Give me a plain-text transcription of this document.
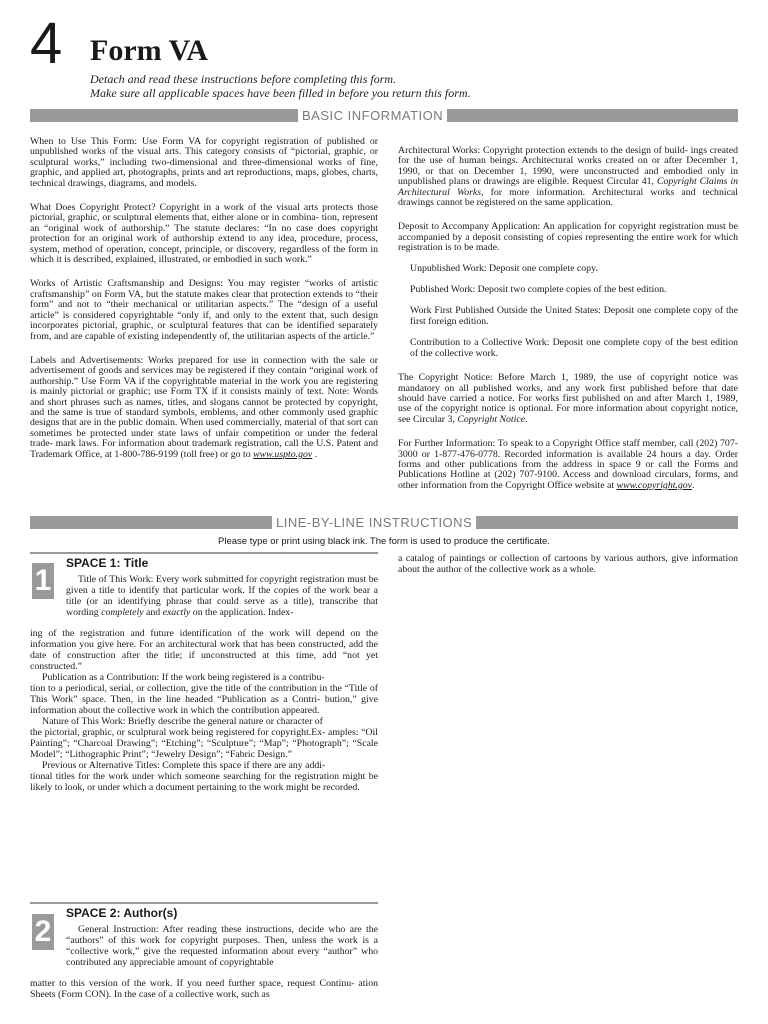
4 Form VA
Detach and read these instructions before completing this form.
Make sure all applicable spaces have been filled in before you return this form.
BASIC INFORMATION

When to Use This Form: Use Form VA for copyright registration of published or unpublished works of the visual arts. This category consists of “pictorial, graphic, or sculptural works,” including two-dimensional and three-dimensional works of fine, graphic, and applied art, photographs, prints and art reproductions, maps, globes, charts, technical drawings, diagrams, and models.

What Does Copyright Protect? Copyright in a work of the visual arts protects those pictorial, graphic, or sculptural elements that, either alone or in combina- tion, represent an “original work of authorship.” The statute declares: “In no case does copyright protection for an original work of authorship extend to any idea, procedure, process, system, method of operation, concept, principle, or discovery, regardless of the form in which it is described, explained, illustrated, or embodied in such work.”

Works of Artistic Craftsmanship and Designs: You may register “works of artistic craftsmanship” on Form VA, but the statute makes clear that protection extends to “their form” and not to “their mechanical or utilitarian aspects.” The “design of a useful article” is considered copyrightable “only if, and only to the extent that, such design incorporates pictorial, graphic, or sculptural features that can be identified separately from, and are capable of existing independently of, the utilitarian aspects of the article.”

Labels and Advertisements: Works prepared for use in connection with the sale or advertisement of goods and services may be registered if they contain “original work of authorship.” Use Form VA if the copyrightable material in the work you are registering is mainly pictorial or graphic; use Form TX if it consists mainly of text. Note: Words and short phrases such as names, titles, and slogans cannot be protected by copyright, and the same is true of standard symbols, emblems, and other commonly used graphic designs that are in the public domain. When used commercially, material of that sort can sometimes be protected under state laws of unfair competition or under the federal trade- mark laws. For information about trademark registration, call the U.S. Patent and Trademark Office, at 1-800-786-9199 (toll free) or go to www.uspto.gov .

Architectural Works: Copyright protection extends to the design of build- ings created for the use of human beings. Architectural works created on or after December 1, 1990, or that on December 1, 1990, were unconstructed and embodied only in unpublished plans or drawings are eligible. Request Circular 41, Copyright Claims in Architectural Works, for more information. Architectural works and technical drawings cannot be registered on the same application.

Deposit to Accompany Application: An application for copyright registration must be accompanied by a deposit consisting of copies representing the entire work for which registration is to be made.

Unpublished Work: Deposit one complete copy.

Published Work: Deposit two complete copies of the best edition.

Work First Published Outside the United States: Deposit one complete copy of the first foreign edition.

Contribution to a Collective Work: Deposit one complete copy of the best edition of the collective work.

The Copyright Notice: Before March 1, 1989, the use of copyright notice was mandatory on all published works, and any work first published before that date should have carried a notice. For works first published on and after March 1, 1989, use of the copyright notice is optional. For more information about copyright notice, see Circular 3, Copyright Notice.

For Further Information: To speak to a Copyright Office staff member, call (202) 707-3000 or 1-877-476-0778. Recorded information is available 24 hours a day. Order forms and other publications from the address in space 9 or call the Forms and Publications Hotline at (202) 707-9100. Access and download circulars, forms, and other information from the Copyright Office website at www.copyright.gov.

LINE-BY-LINE INSTRUCTIONS
Please type or print using black ink. The form is used to produce the certificate.
1
SPACE 1: Title

Title of This Work: Every work submitted for copyright registration must be given a title to identify that particular work. If the copies of the work bear a title (or an identifying phrase that could serve as a title), transcribe that wording completely and exactly on the application. Index-

ing of the registration and future identification of the work will depend on the information you give here. For an architectural work that has been constructed, add the date of construction after the title; if unconstructed at this time, add “not yet constructed.”

Publication as a Contribution: If the work being registered is a contribu-

tion to a periodical, serial, or collection, give the title of the contribution in the “Title of This Work” space. Then, in the line headed “Publication as a Contri- bution,” give information about the collective work in which the contribution appeared.

Nature of This Work: Briefly describe the general nature or character of

the pictorial, graphic, or sculptural work being registered for copyright.Ex- amples: “Oil Painting”; “Charcoal Drawing”; “Etching”; “Sculpture”; “Map”; “Photograph”; “Scale Model”; “Lithographic Print”; “Jewelry Design”; “Fabric Design.”

Previous or Alternative Titles: Complete this space if there are any addi-

tional titles for the work under which someone searching for the registration might be likely to look, or under which a document pertaining to the work might be recorded.

2
SPACE 2: Author(s)

General Instruction: After reading these instructions, decide who are the “authors” of this work for copyright purposes. Then, unless the work is a “collective work,” give the requested information about every “author” who contributed any appreciable amount of copyrightable

matter to this version of the work. If you need further space, request Continu- ation Sheets (Form CON). In the case of a collective work, such as

a catalog of paintings or collection of cartoons by various authors, give information about the author of the collective work as a whole.
